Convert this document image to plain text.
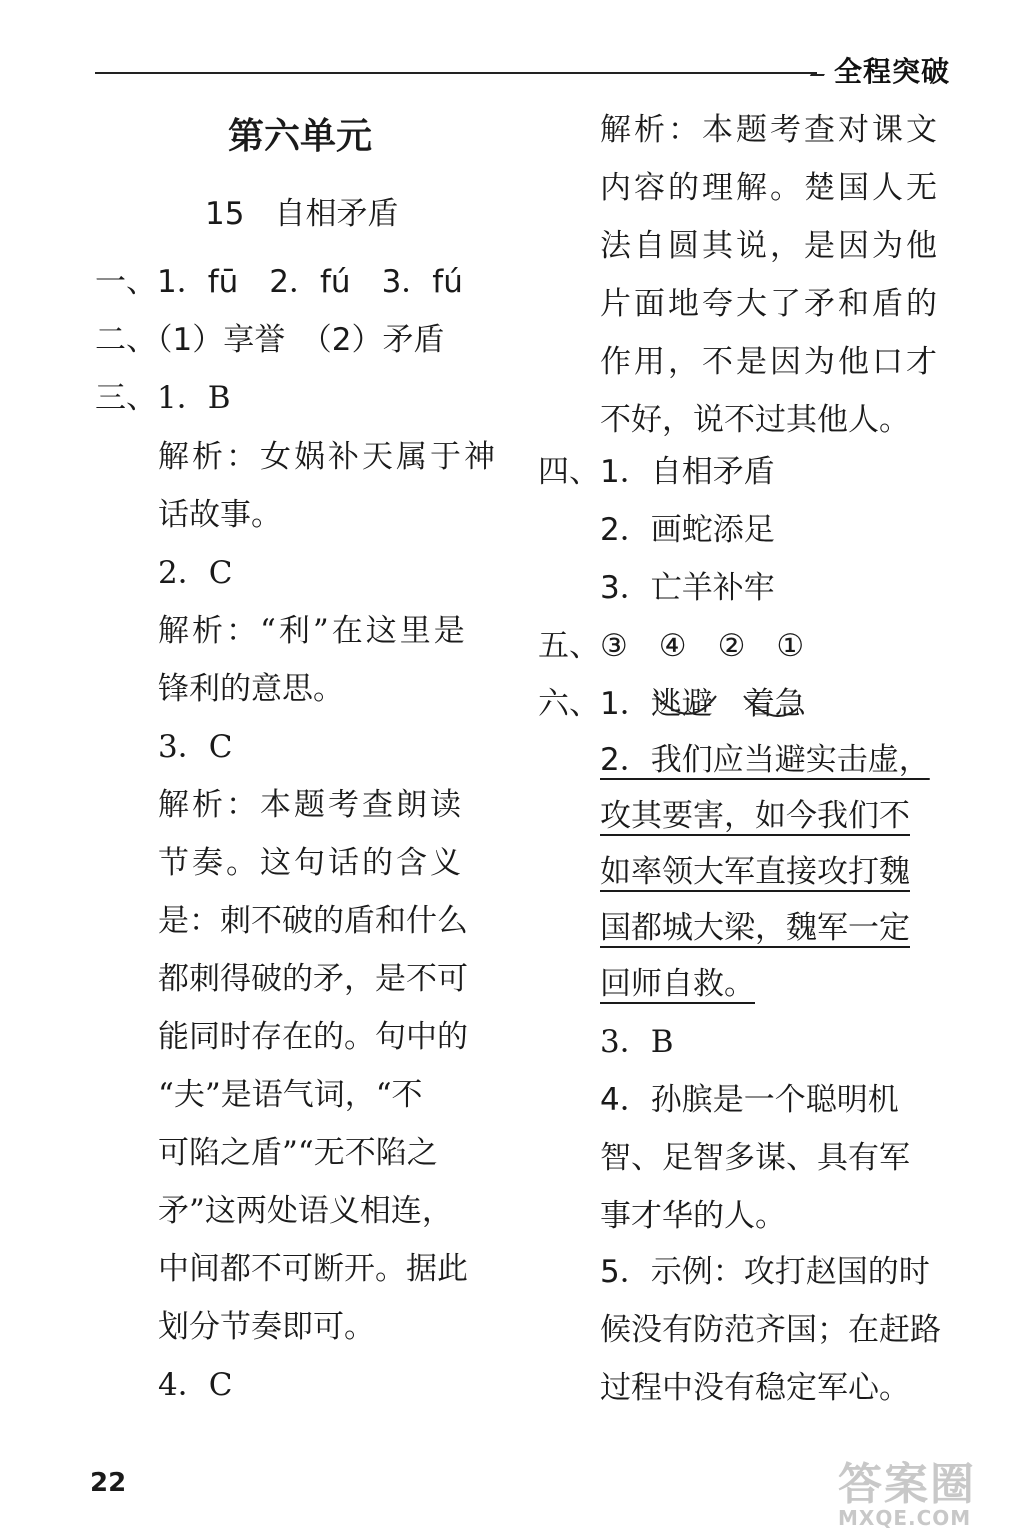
全程突破
第六单元
15 自相矛盾
一、1．fū　2．fú　3．fú
二、（1）享誉　（2）矛盾
三、1．B
解析：女娲补天属于神
话故事。
2．C
解析：“利”在这里是
锋利的意思。
3．C
解析：本题考查朗读
节奏。这句话的含义
是：刺不破的盾和什么
都刺得破的矛，是不可
能同时存在的。句中的
“夫”是语气词，“不
可陷之盾”“无不陷之
矛”这两处语义相连，
中间都不可断开。据此
划分节奏即可。
4．C
解析：本题考查对课文
内容的理解。楚国人无
法自圆其说，是因为他
片面地夸大了矛和盾的
作用，不是因为他口才
不好，说不过其他人。
四、1．自相矛盾
2．画蛇添足
3．亡羊补牢
五、③　④　②　①
六、1．逃避　着急
2．我们应当避实击虚，
攻其要害，如今我们不
如率领大军直接攻打魏
国都城大梁，魏军一定
回师自救。
3．B
4．孙膑是一个聪明机
智、足智多谋、具有军
事才华的人。
5．示例：攻打赵国的时
候没有防范齐国；在赶路
过程中没有稳定军心。
22	答案圈
MXQE.COM
